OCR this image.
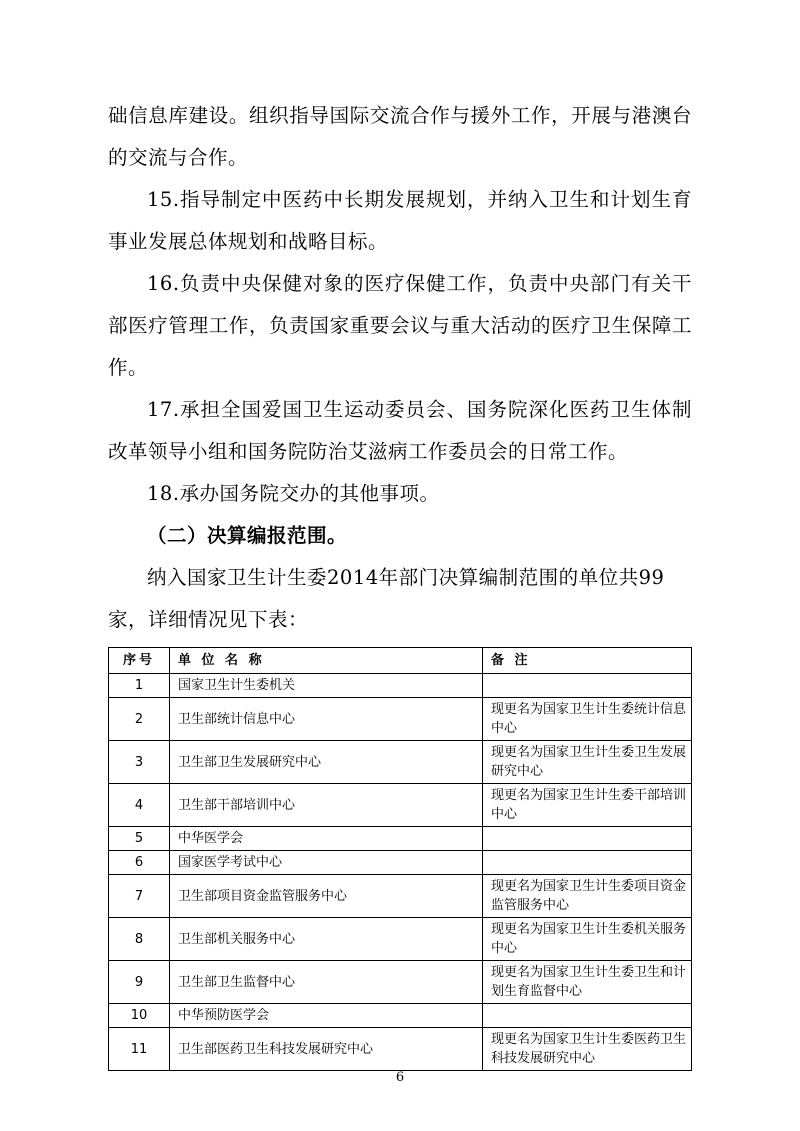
础信息库建设。组织指导国际交流合作与援外工作，开展与港澳台的交流与合作。

15.指导制定中医药中长期发展规划，并纳入卫生和计划生育事业发展总体规划和战略目标。

16.负责中央保健对象的医疗保健工作，负责中央部门有关干部医疗管理工作，负责国家重要会议与重大活动的医疗卫生保障工作。

17.承担全国爱国卫生运动委员会、国务院深化医药卫生体制改革领导小组和国务院防治艾滋病工作委员会的日常工作。

18.承办国务院交办的其他事项。

（二）决算编报范围。

纳入国家卫生计生委2014年部门决算编制范围的单位共99家，详细情况见下表：

序号	单 位 名 称	备 注
1	国家卫生计生委机关	
2	卫生部统计信息中心	现更名为国家卫生计生委统计信息中心
3	卫生部卫生发展研究中心	现更名为国家卫生计生委卫生发展研究中心
4	卫生部干部培训中心	现更名为国家卫生计生委干部培训中心
5	中华医学会	
6	国家医学考试中心	
7	卫生部项目资金监管服务中心	现更名为国家卫生计生委项目资金监管服务中心
8	卫生部机关服务中心	现更名为国家卫生计生委机关服务中心
9	卫生部卫生监督中心	现更名为国家卫生计生委卫生和计划生育监督中心
10	中华预防医学会	
11	卫生部医药卫生科技发展研究中心	现更名为国家卫生计生委医药卫生科技发展研究中心
6
